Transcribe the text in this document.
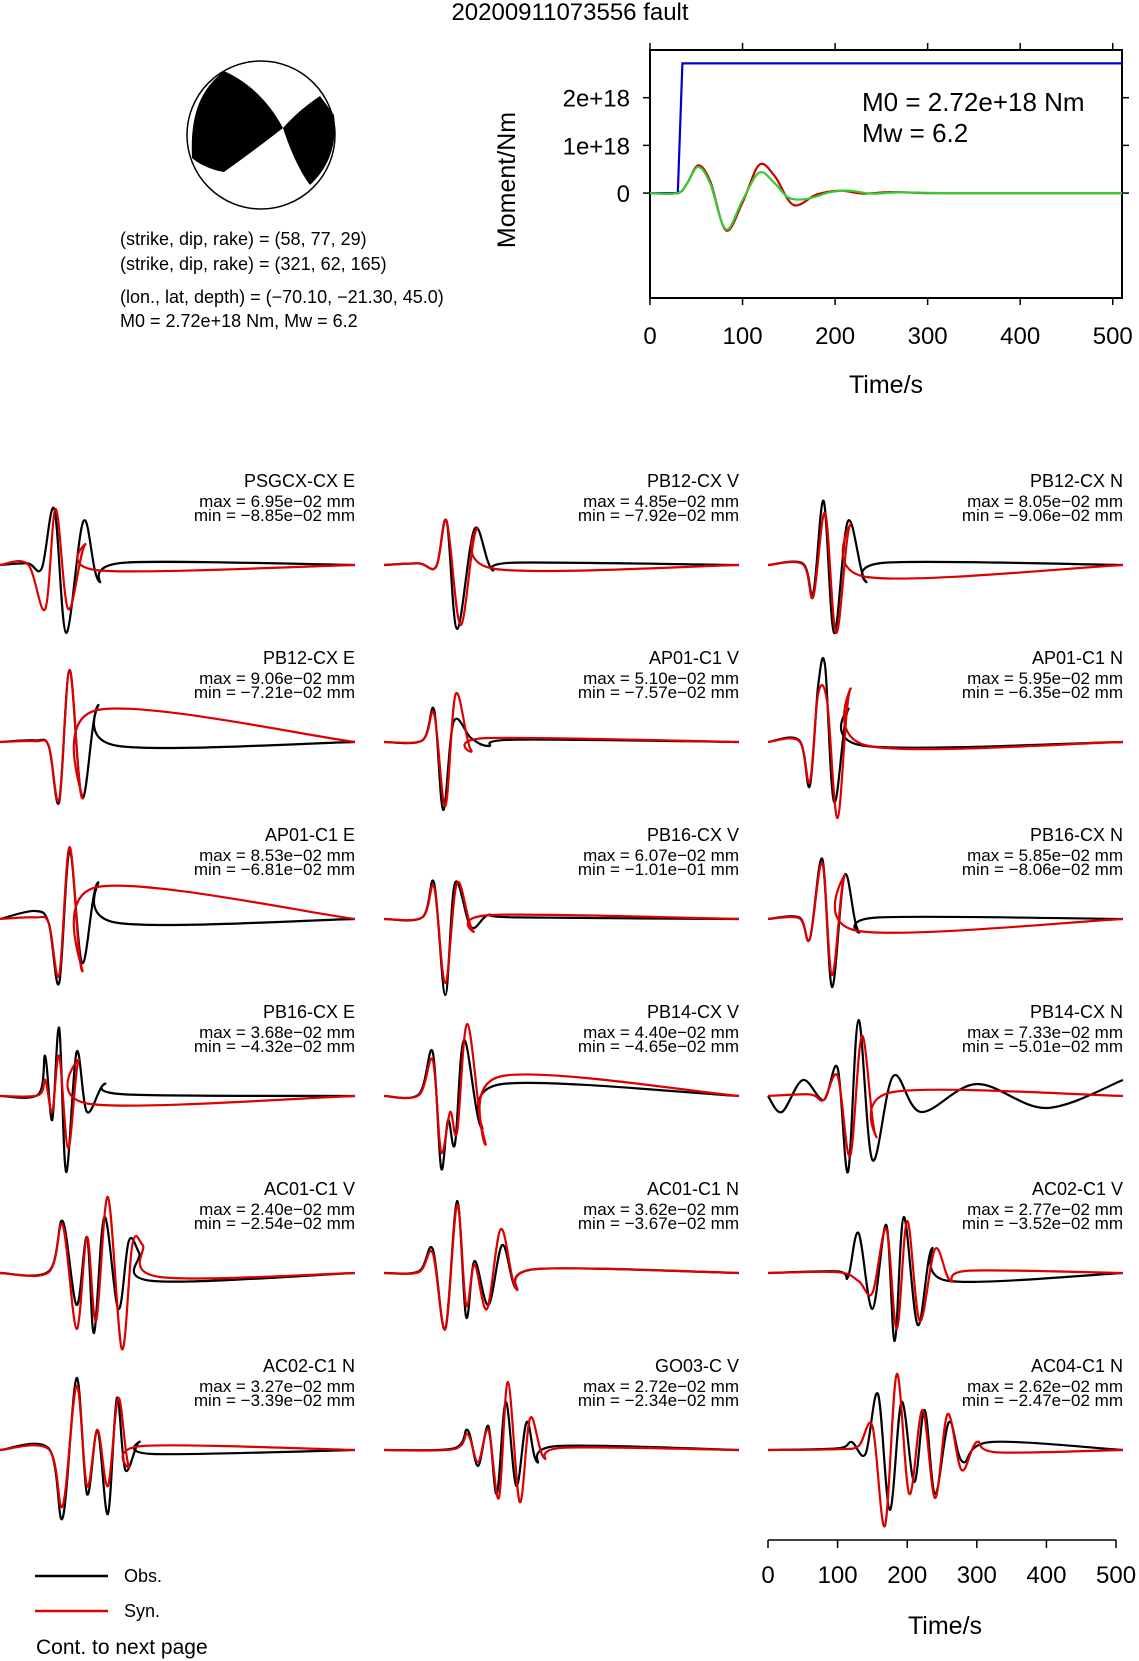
20200911073556 fault
(strike, dip, rake) = (58, 77, 29)
(strike, dip, rake) = (321, 62, 165)
(lon., lat, depth) = (−70.10, −21.30, 45.0)
M0 = 2.72e+18 Nm, Mw = 6.2
0	100 200 300 400 500
0
1e+18
2e+18
Time/s
Moment/Nm
M0 = 2.72e+18 Nm
Mw = 6.2
PSGCX-CX E
max = 6.95e−02 mm
min = −8.85e−02 mm
PB12-CX V
max = 4.85e−02 mm
min = −7.92e−02 mm
PB12-CX N
max = 8.05e−02 mm
min = −9.06e−02 mm
PB12-CX E
max = 9.06e−02 mm
min = −7.21e−02 mm
AP01-C1 V
max = 5.10e−02 mm
min = −7.57e−02 mm
AP01-C1 N
max = 5.95e−02 mm
min = −6.35e−02 mm
AP01-C1 E
max = 8.53e−02 mm
min = −6.81e−02 mm
PB16-CX V
max = 6.07e−02 mm
min = −1.01e−01 mm
PB16-CX N
max = 5.85e−02 mm
min = −8.06e−02 mm
PB16-CX E
max = 3.68e−02 mm
min = −4.32e−02 mm
PB14-CX V
max = 4.40e−02 mm
min = −4.65e−02 mm
PB14-CX N
max = 7.33e−02 mm
min = −5.01e−02 mm
AC01-C1 V
max = 2.40e−02 mm
min = −2.54e−02 mm
AC01-C1 N
max = 3.62e−02 mm
min = −3.67e−02 mm
AC02-C1 V
max = 2.77e−02 mm
min = −3.52e−02 mm
AC02-C1 N
max = 3.27e−02 mm
min = −3.39e−02 mm
GO03-C V
max = 2.72e−02 mm
min = −2.34e−02 mm
AC04-C1 N
max = 2.62e−02 mm
min = −2.47e−02 mm
0 100 200 300 400 500
Time/s
Obs.
Syn.
Cont. to next page
